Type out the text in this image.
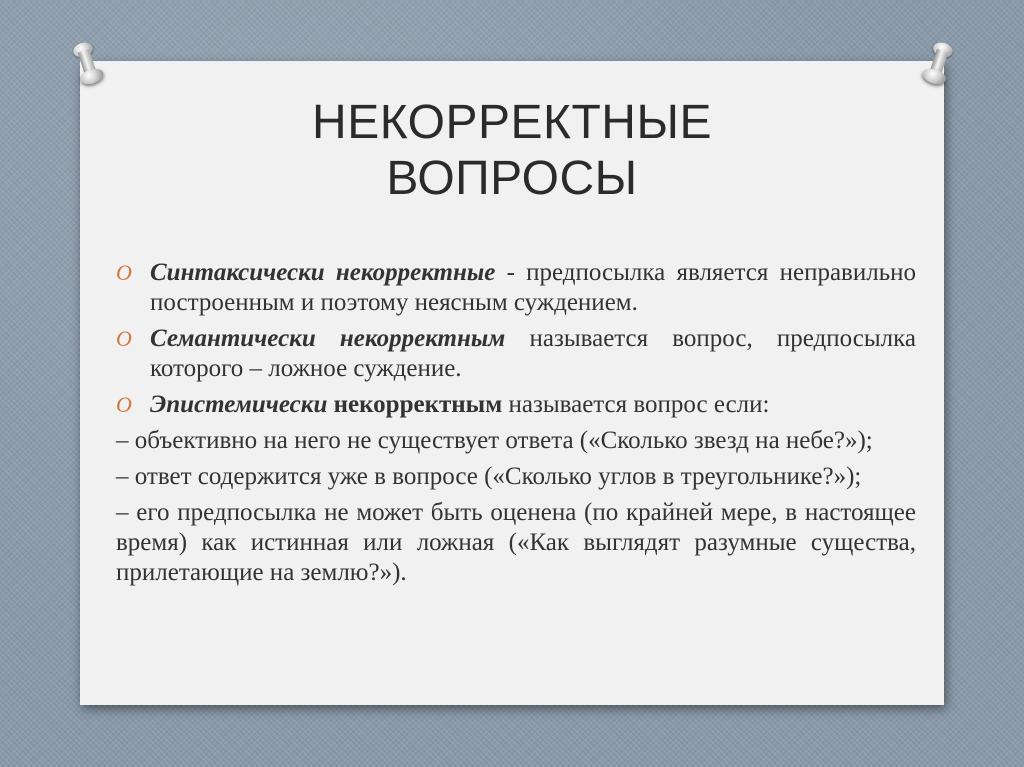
НЕКОРРЕКТНЫЕ
ВОПРОСЫ
O Синтаксически некорректные - предпосылка является неправильно построенным и поэтому неясным суждением.
O Семантически некорректным называется вопрос, предпосылка которого – ложное суждение.
O Эпистемически некорректным называется вопрос если:
– объективно на него не существует ответа («Сколько звезд на небе?»);
– ответ содержится уже в вопросе («Сколько углов в треугольнике?»);
– его предпосылка не может быть оценена (по крайней мере, в настоящее время) как истинная или ложная («Как выглядят разумные существа, прилетающие на землю?»).
